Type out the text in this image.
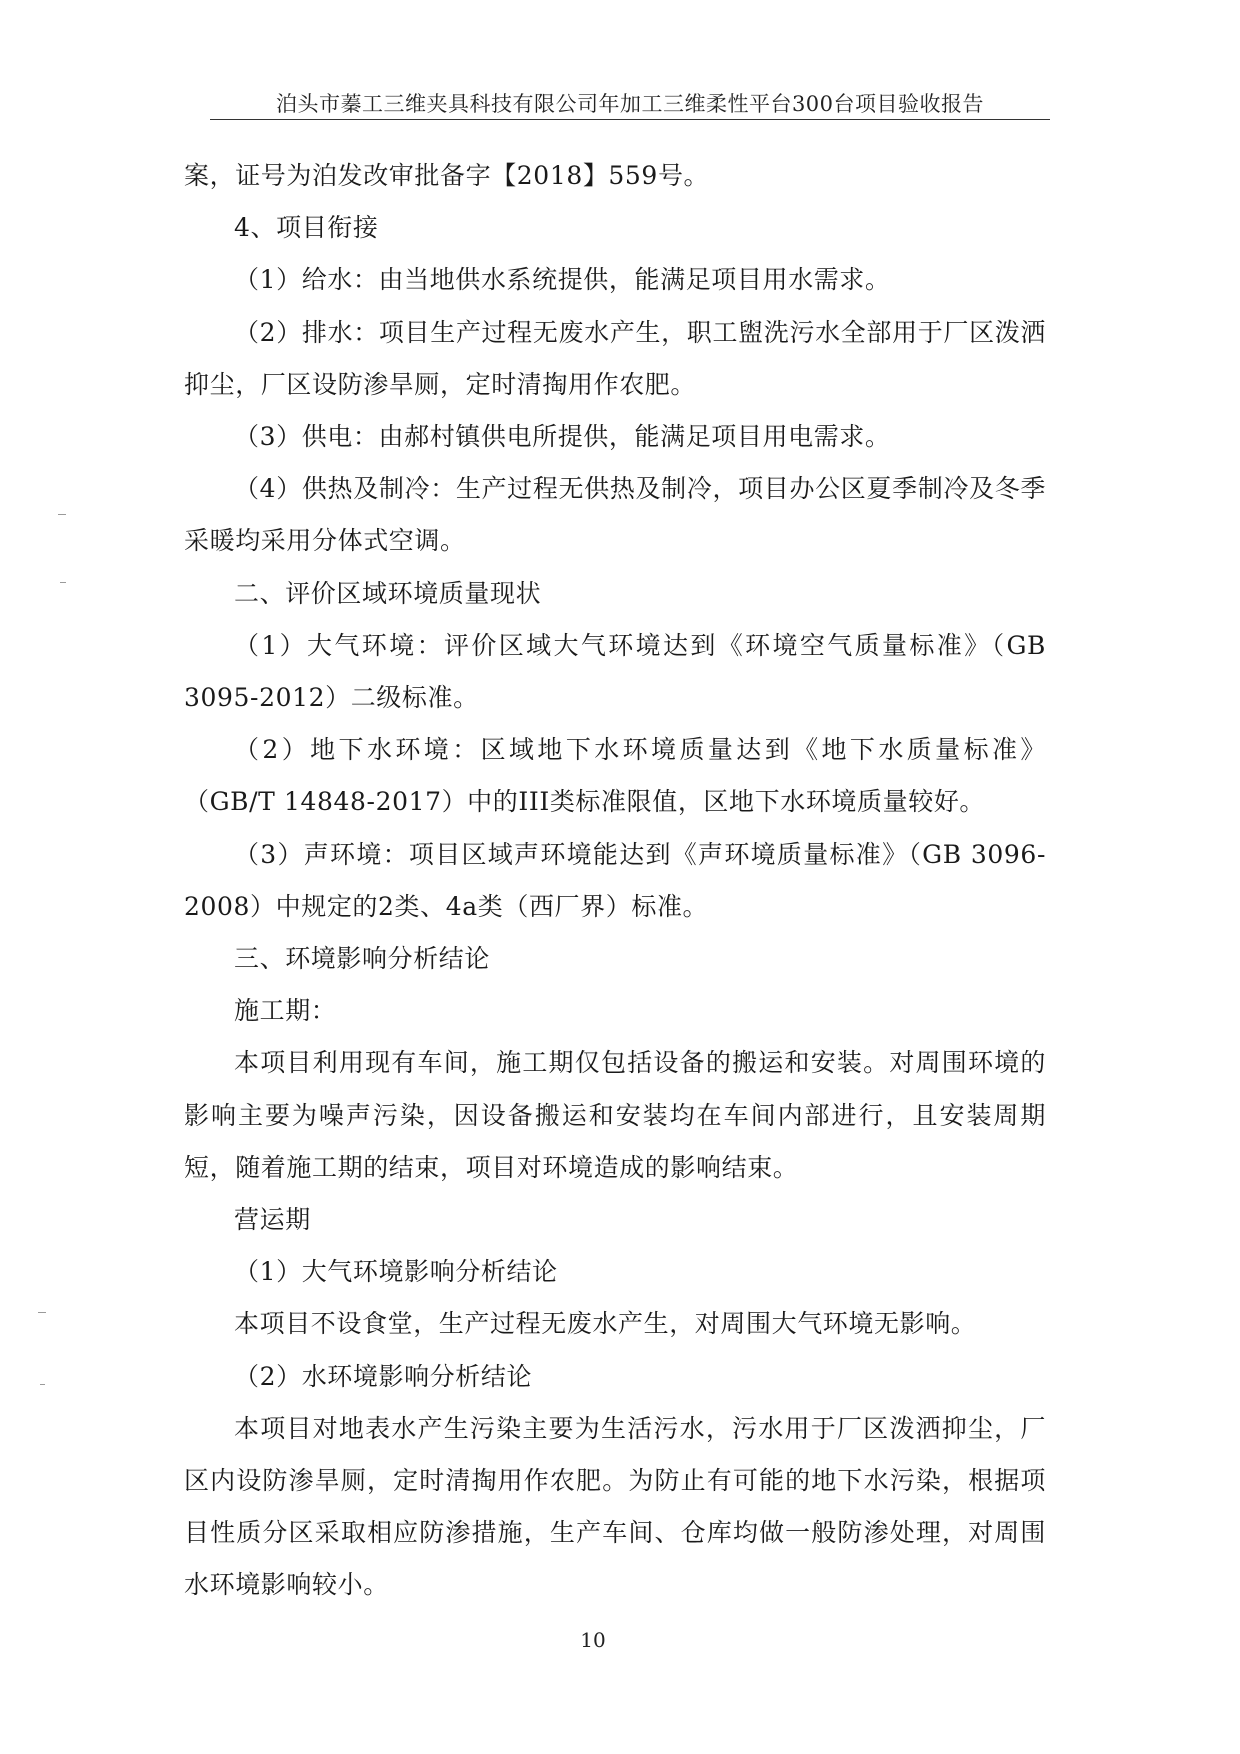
泊头市蓁工三维夹具科技有限公司年加工三维柔性平台300台项目验收报告

案，证号为泊发改审批备字【2018】559号。

4、项目衔接

（1）给水：由当地供水系统提供，能满足项目用水需求。

（2）排水：项目生产过程无废水产生，职工盥洗污水全部用于厂区泼洒抑尘，厂区设防渗旱厕，定时清掏用作农肥。

（3）供电：由郝村镇供电所提供，能满足项目用电需求。

（4）供热及制冷：生产过程无供热及制冷，项目办公区夏季制冷及冬季采暖均采用分体式空调。

二、评价区域环境质量现状

（1）大气环境：评价区域大气环境达到《环境空气质量标准》（GB 3095-2012）二级标准。

（2）地下水环境：区域地下水环境质量达到《地下水质量标准》（GB/T 14848-2017）中的III类标准限值，区地下水环境质量较好。

（3）声环境：项目区域声环境能达到《声环境质量标准》（GB 3096-2008）中规定的2类、4a类（西厂界）标准。

三、环境影响分析结论

施工期：

本项目利用现有车间，施工期仅包括设备的搬运和安装。对周围环境的影响主要为噪声污染，因设备搬运和安装均在车间内部进行，且安装周期短，随着施工期的结束，项目对环境造成的影响结束。

营运期

（1）大气环境影响分析结论

本项目不设食堂，生产过程无废水产生，对周围大气环境无影响。

（2）水环境影响分析结论

本项目对地表水产生污染主要为生活污水，污水用于厂区泼洒抑尘，厂区内设防渗旱厕，定时清掏用作农肥。为防止有可能的地下水污染，根据项目性质分区采取相应防渗措施，生产车间、仓库均做一般防渗处理，对周围水环境影响较小。

10
